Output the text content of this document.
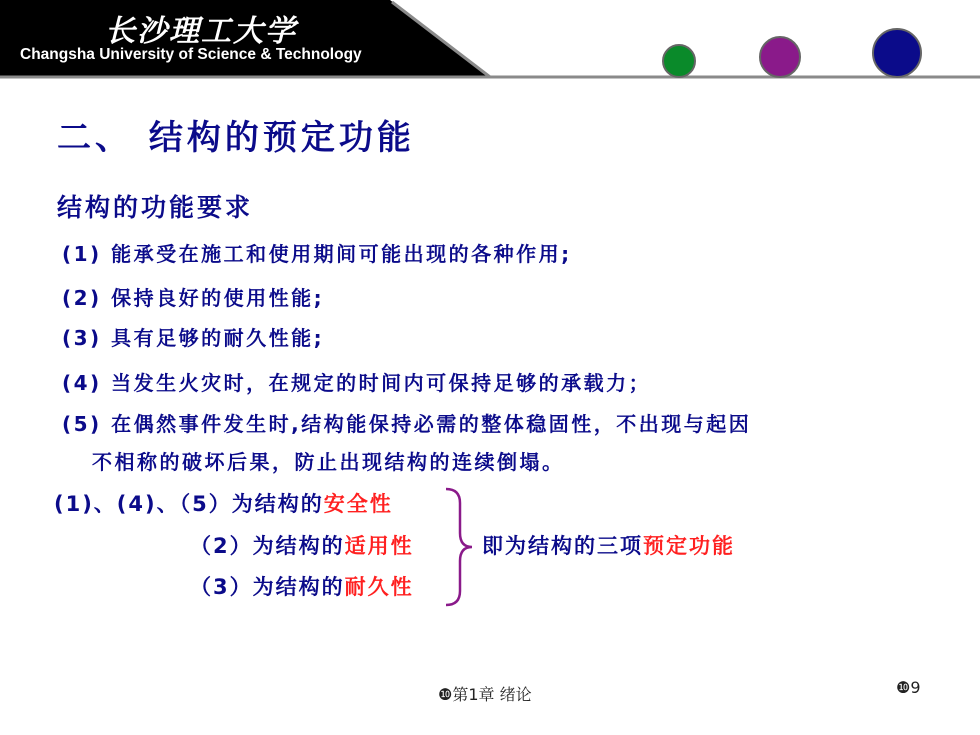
长沙理工大学
Changsha University of Science & Technology
二、 结构的预定功能
结构的功能要求
(1) 能承受在施工和使用期间可能出现的各种作用;
(2) 保持良好的使用性能;
(3) 具有足够的耐久性能;
(4) 当发生火灾时，在规定的时间内可保持足够的承载力；
(5) 在偶然事件发生时,结构能保持必需的整体稳固性，不出现与起因
不相称的破坏后果，防止出现结构的连续倒塌。
(1)、(4)、（5）为结构的安全性
（2）为结构的适用性
（3）为结构的耐久性
即为结构的三项预定功能
❿第1章 绪论	❿9
